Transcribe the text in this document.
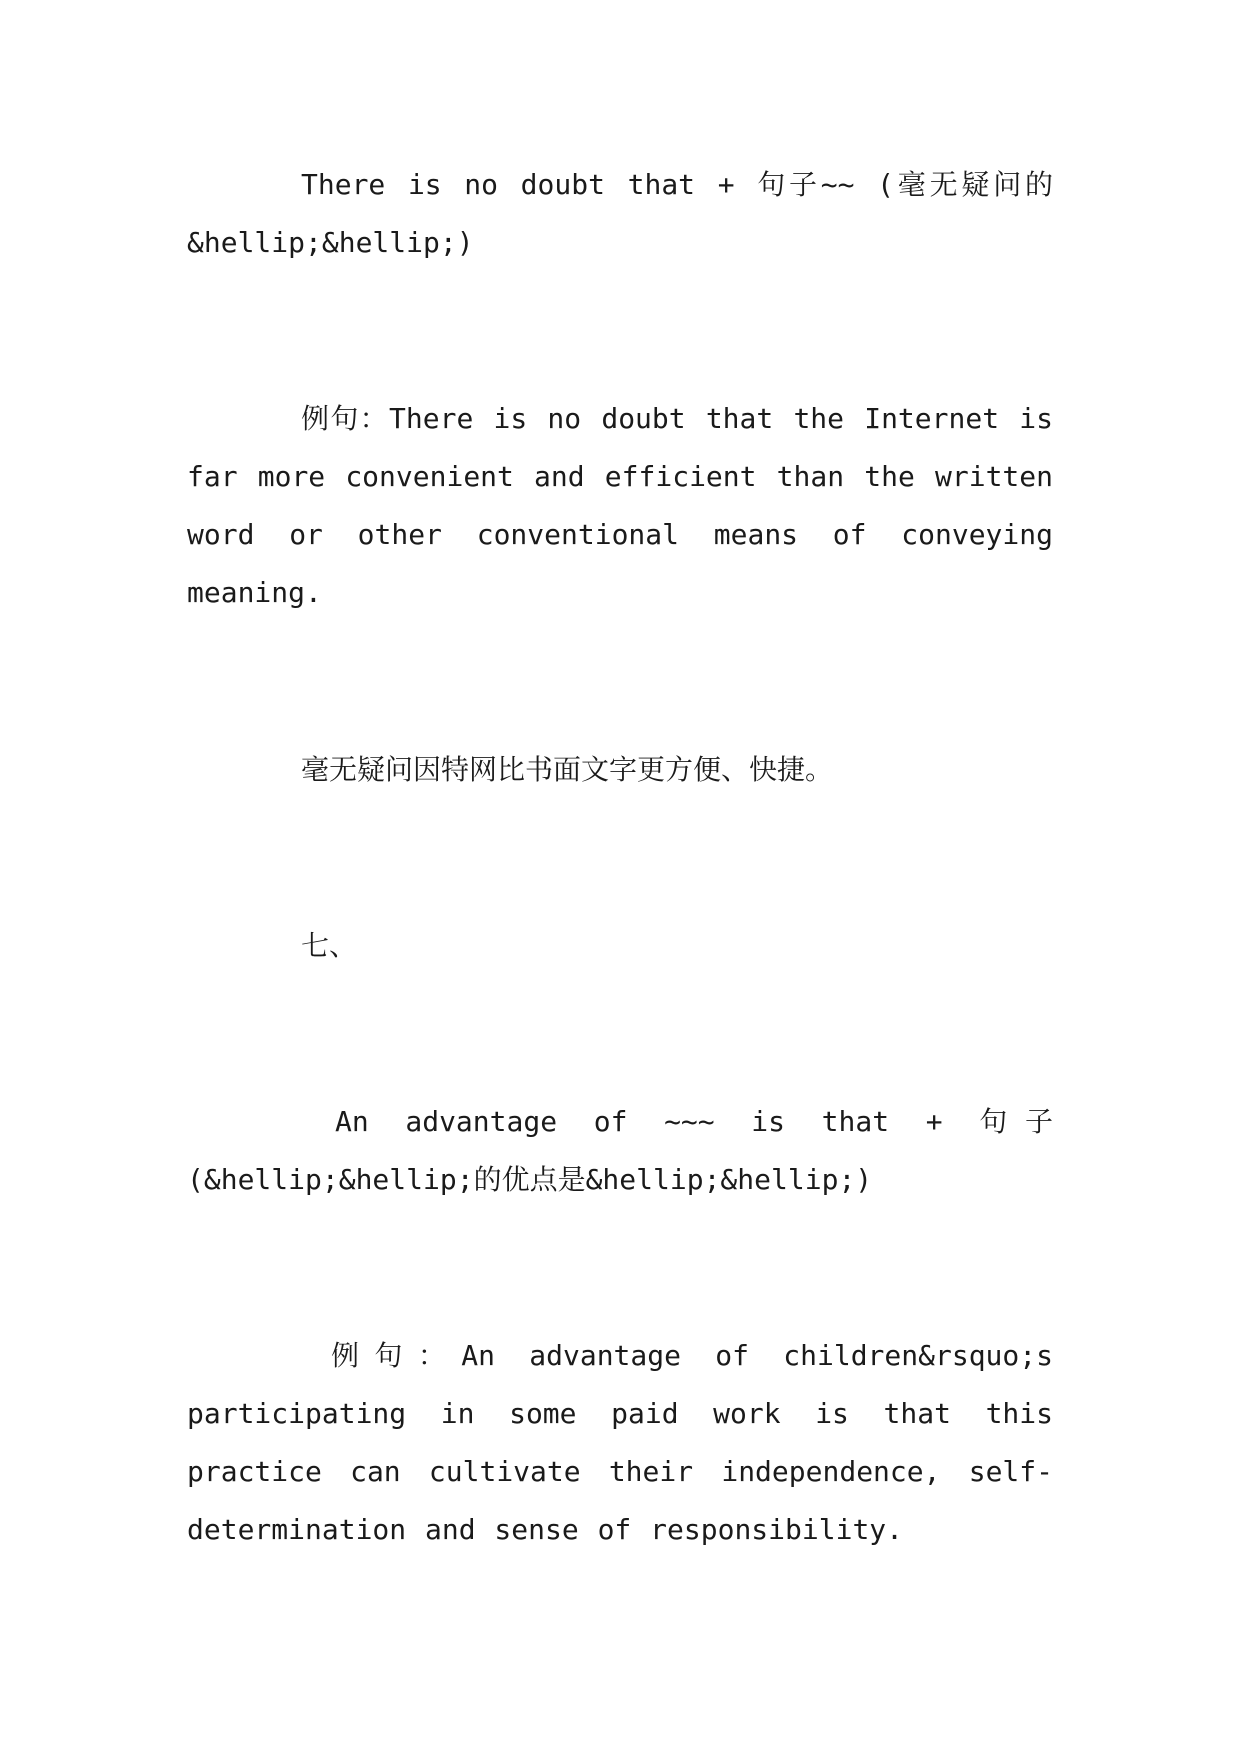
There is no doubt that + 句子~~ (毫无疑问的&hellip;&hellip;)

例句：There is no doubt that the Internet is far more convenient and efficient than the written word or other conventional means of conveying meaning.

毫无疑问因特网比书面文字更方便、快捷。

七、

An advantage of ~~~ is that + 句子(&hellip;&hellip;的优点是&hellip;&hellip;)

例句：An advantage of children&rsquo;s participating in some paid work is that this practice can cultivate their independence, self-determination and sense of responsibility.
